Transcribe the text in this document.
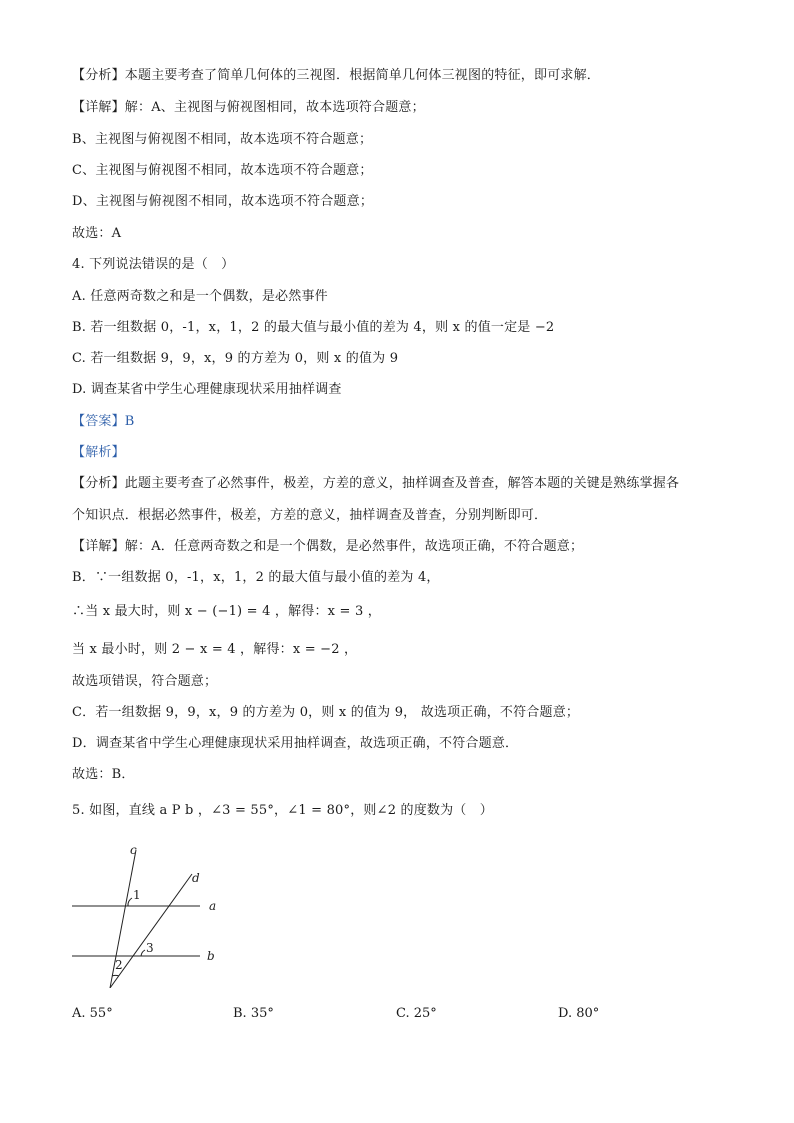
【分析】本题主要考查了简单几何体的三视图．根据简单几何体三视图的特征，即可求解．
【详解】解：A、主视图与俯视图相同，故本选项符合题意；
B、主视图与俯视图不相同，故本选项不符合题意；
C、主视图与俯视图不相同，故本选项不符合题意；
D、主视图与俯视图不相同，故本选项不符合题意；
故选：A
4. 下列说法错误的是（　）
A. 任意两奇数之和是一个偶数，是必然事件
B. 若一组数据 0，-1，x，1，2 的最大值与最小值的差为 4，则 x 的值一定是 −2
C. 若一组数据 9，9，x，9 的方差为 0，则 x 的值为 9
D. 调查某省中学生心理健康现状采用抽样调查
【答案】B
【解析】
【分析】此题主要考查了必然事件，极差，方差的意义，抽样调查及普查，解答本题的关键是熟练掌握各
个知识点．根据必然事件，极差，方差的意义，抽样调查及普查，分别判断即可．
【详解】解：A．任意两奇数之和是一个偶数，是必然事件，故选项正确，不符合题意；
B．∵一组数据 0，-1，x，1，2 的最大值与最小值的差为 4，
∴当 x 最大时，则 x − (−1) = 4 ，解得：x = 3 ，
当 x 最小时，则 2 − x = 4 ，解得：x = −2 ，
故选项错误，符合题意；
C．若一组数据 9，9，x，9 的方差为 0，则 x 的值为 9， 故选项正确，不符合题意；
D．调查某省中学生心理健康现状采用抽样调查，故选项正确，不符合题意．
故选：B．
5. 如图，直线 a P b ，∠3 = 55°，∠1 = 80°，则∠2 的度数为（　）
c
d
a
b
1
3
2
A. 55°	B. 35°	C. 25°	D. 80°
